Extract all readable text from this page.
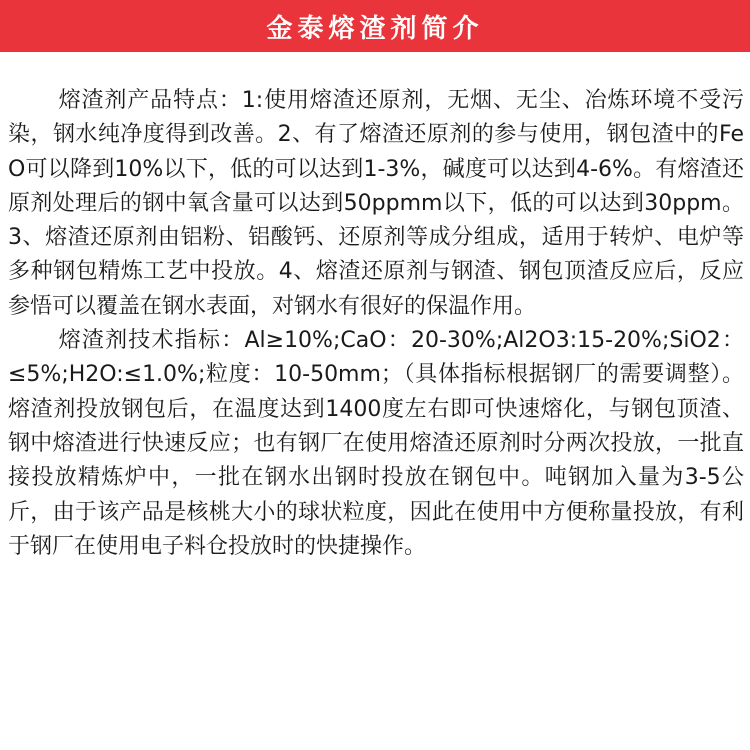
金泰熔渣剂简介

熔渣剂产品特点：1:使用熔渣还原剂，无烟、无尘、冶炼环境不受污染，钢水纯净度得到改善。2、有了熔渣还原剂的参与使用，钢包渣中的FeO可以降到10%以下，低的可以达到1-3%，碱度可以达到4-6%。有熔渣还原剂处理后的钢中氧含量可以达到50ppmm以下，低的可以达到30ppm。3、熔渣还原剂由铝粉、铝酸钙、还原剂等成分组成，适用于转炉、电炉等多种钢包精炼工艺中投放。4、熔渣还原剂与钢渣、钢包顶渣反应后，反应参悟可以覆盖在钢水表面，对钢水有很好的保温作用。

熔渣剂技术指标：Al≥10%;CaO：20-30%;Al2O3:15-20%;SiO2：≤5%;H2O:≤1.0%;粒度：10-50mm；（具体指标根据钢厂的需要调整）。熔渣剂投放钢包后，在温度达到1400度左右即可快速熔化，与钢包顶渣、钢中熔渣进行快速反应；也有钢厂在使用熔渣还原剂时分两次投放，一批直接投放精炼炉中，一批在钢水出钢时投放在钢包中。吨钢加入量为3-5公斤，由于该产品是核桃大小的球状粒度，因此在使用中方便称量投放，有利于钢厂在使用电子料仓投放时的快捷操作。
